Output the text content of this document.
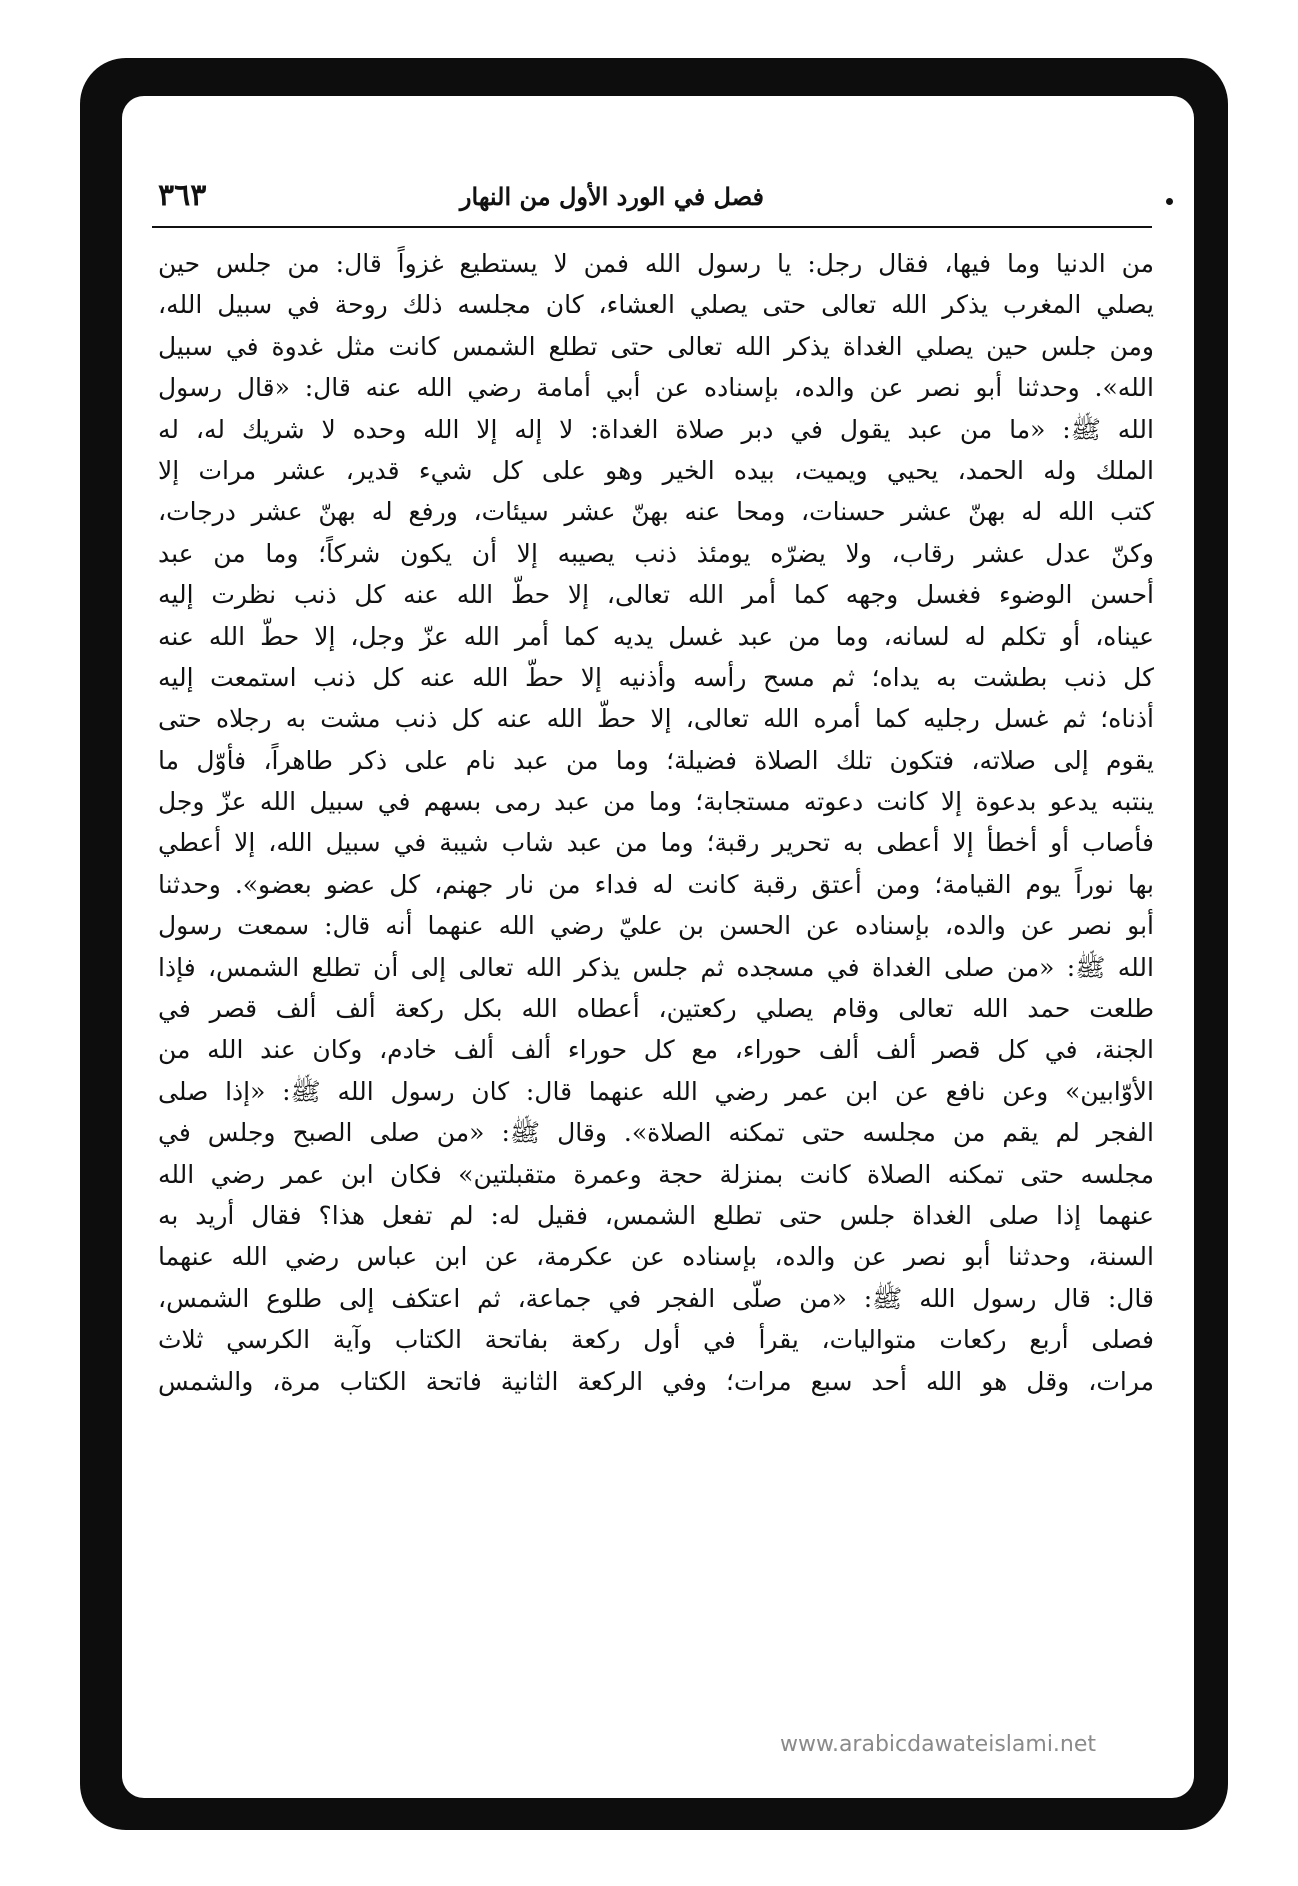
فصل في الورد الأول من النهار
٣٦٣
من الدنيا وما فيها، فقال رجل: يا رسول الله فمن لا يستطيع غزواً قال: من جلس حين
يصلي المغرب يذكر الله تعالى حتى يصلي العشاء، كان مجلسه ذلك روحة في سبيل الله،
ومن جلس حين يصلي الغداة يذكر الله تعالى حتى تطلع الشمس كانت مثل غدوة في سبيل
الله». وحدثنا أبو نصر عن والده، بإسناده عن أبي أمامة رضي الله عنه قال: «قال رسول
الله ﷺ: «ما من عبد يقول في دبر صلاة الغداة: لا إله إلا الله وحده لا شريك له، له
الملك وله الحمد، يحيي ويميت، بيده الخير وهو على كل شيء قدير، عشر مرات إلا
كتب الله له بهنّ عشر حسنات، ومحا عنه بهنّ عشر سيئات، ورفع له بهنّ عشر درجات،
وكنّ عدل عشر رقاب، ولا يضرّه يومئذ ذنب يصيبه إلا أن يكون شركاً؛ وما من عبد
أحسن الوضوء فغسل وجهه كما أمر الله تعالى، إلا حطّ الله عنه كل ذنب نظرت إليه
عيناه، أو تكلم له لسانه، وما من عبد غسل يديه كما أمر الله عزّ وجل، إلا حطّ الله عنه
كل ذنب بطشت به يداه؛ ثم مسح رأسه وأذنيه إلا حطّ الله عنه كل ذنب استمعت إليه
أذناه؛ ثم غسل رجليه كما أمره الله تعالى، إلا حطّ الله عنه كل ذنب مشت به رجلاه حتى
يقوم إلى صلاته، فتكون تلك الصلاة فضيلة؛ وما من عبد نام على ذكر طاهراً، فأوّل ما
ينتبه يدعو بدعوة إلا كانت دعوته مستجابة؛ وما من عبد رمى بسهم في سبيل الله عزّ وجل
فأصاب أو أخطأ إلا أعطى به تحرير رقبة؛ وما من عبد شاب شيبة في سبيل الله، إلا أعطي
بها نوراً يوم القيامة؛ ومن أعتق رقبة كانت له فداء من نار جهنم، كل عضو بعضو». وحدثنا
أبو نصر عن والده، بإسناده عن الحسن بن عليّ رضي الله عنهما أنه قال: سمعت رسول
الله ﷺ: «من صلى الغداة في مسجده ثم جلس يذكر الله تعالى إلى أن تطلع الشمس، فإذا
طلعت حمد الله تعالى وقام يصلي ركعتين، أعطاه الله بكل ركعة ألف ألف قصر في
الجنة، في كل قصر ألف ألف حوراء، مع كل حوراء ألف ألف خادم، وكان عند الله من
الأوّابين» وعن نافع عن ابن عمر رضي الله عنهما قال: كان رسول الله ﷺ: «إذا صلى
الفجر لم يقم من مجلسه حتى تمكنه الصلاة». وقال ﷺ: «من صلى الصبح وجلس في
مجلسه حتى تمكنه الصلاة كانت بمنزلة حجة وعمرة متقبلتين» فكان ابن عمر رضي الله
عنهما إذا صلى الغداة جلس حتى تطلع الشمس، فقيل له: لم تفعل هذا؟ فقال أريد به
السنة، وحدثنا أبو نصر عن والده، بإسناده عن عكرمة، عن ابن عباس رضي الله عنهما
قال: قال رسول الله ﷺ: «من صلّى الفجر في جماعة، ثم اعتكف إلى طلوع الشمس،
فصلى أربع ركعات متواليات، يقرأ في أول ركعة بفاتحة الكتاب وآية الكرسي ثلاث
مرات، وقل هو الله أحد سبع مرات؛ وفي الركعة الثانية فاتحة الكتاب مرة، والشمس
www.arabicdawateislami.net
